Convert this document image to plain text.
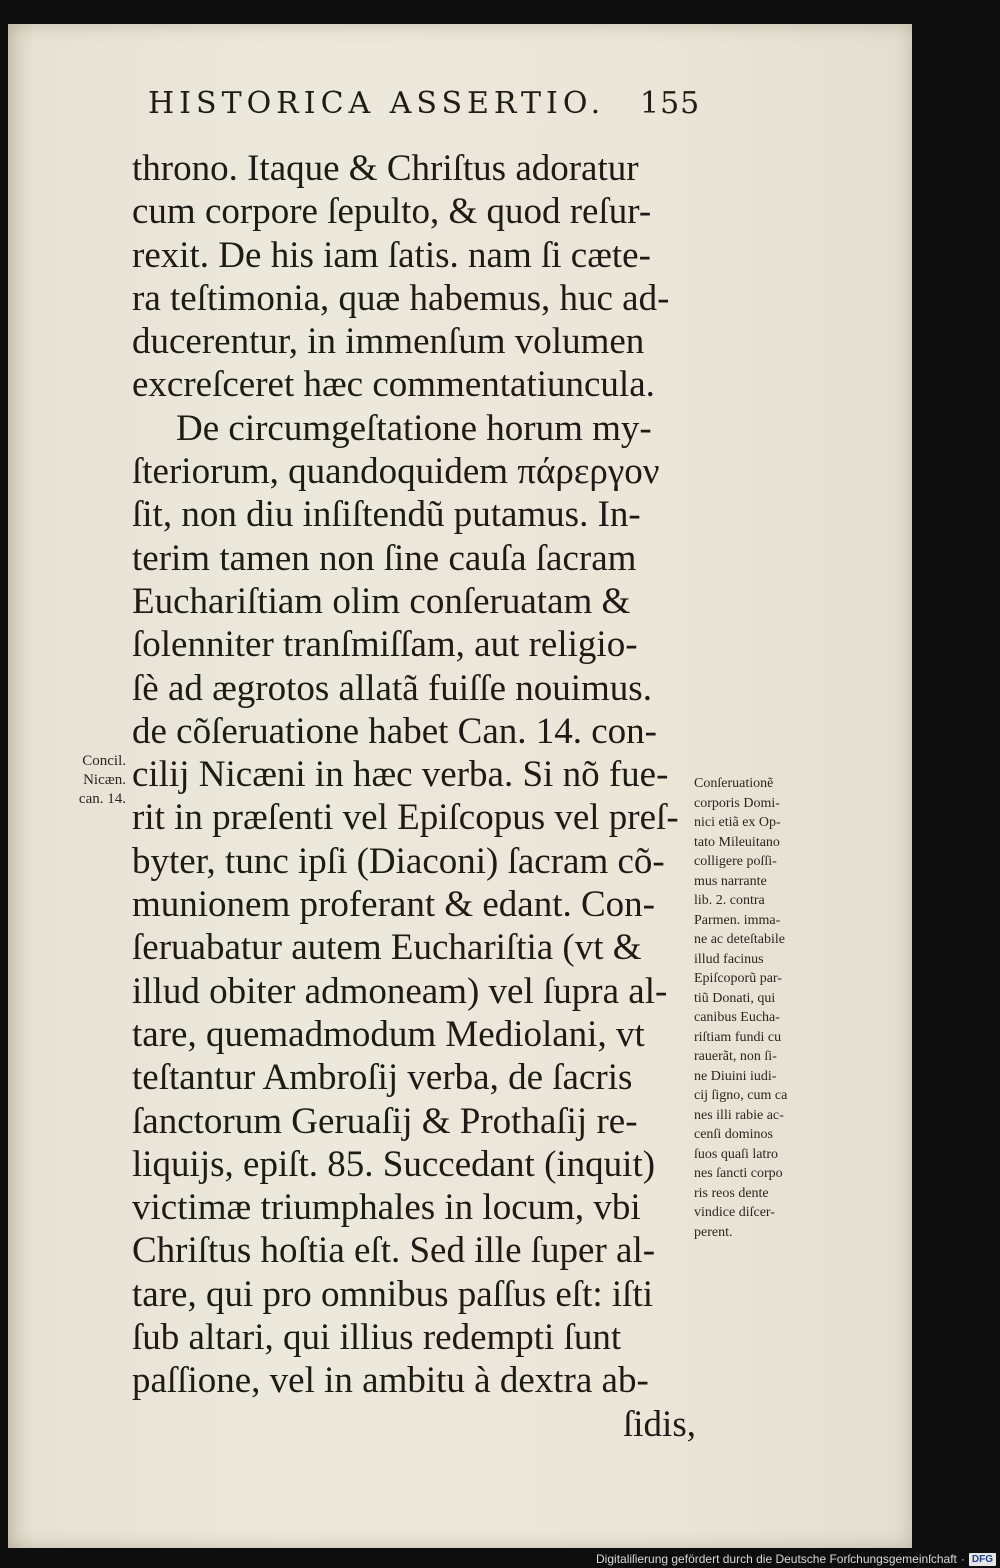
HISTORICA ASSERTIO. 155
throno. Itaque & Chriſtus adoratur
cum corpore ſepulto, & quod reſur-
rexit. De his iam ſatis. nam ſi cæte-
ra teſtimonia, quæ habemus, huc ad-
ducerentur, in immenſum volumen
excreſceret hæc commentatiuncula.
De circumgeſtatione horum my-
ſteriorum, quandoquidem πάρεργον
ſit, non diu inſiſtendũ putamus. In-
terim tamen non ſine cauſa ſacram
Euchariſtiam olim conſeruatam &
ſolenniter tranſmiſſam, aut religio-
ſè ad ægrotos allatã fuiſſe nouimus.
de cõſeruatione habet Can. 14. con-
cilij Nicæni in hæc verba. Si nõ fue-
rit in præſenti vel Epiſcopus vel preſ-
byter, tunc ipſi (Diaconi) ſacram cõ-
munionem proferant & edant. Con-
ſeruabatur autem Euchariſtia (vt &
illud obiter admoneam) vel ſupra al-
tare, quemadmodum Mediolani, vt
teſtantur Ambroſij verba, de ſacris
ſanctorum Geruaſij & Prothaſij re-
liquijs, epiſt. 85. Succedant (inquit)
victimæ triumphales in locum, vbi
Chriſtus hoſtia eſt. Sed ille ſuper al-
tare, qui pro omnibus paſſus eſt: iſti
ſub altari, qui illius redempti ſunt
paſſione, vel in ambitu à dextra ab-
ſidis,
Concil.
Nicæn.
can. 14.
Conſeruationẽ
corporis Domi-
nici etiã ex Op-
tato Mileuitano
colligere poſſi-
mus narrante
lib. 2. contra
Parmen. imma-
ne ac deteſtabile
illud facinus
Epiſcoporũ par-
tiũ Donati, qui
canibus Eucha-
riſtiam fundi cu
rauerãt, non ſi-
ne Diuini iudi-
cij ſigno, cum ca
nes illi rabie ac-
cenſi dominos
ſuos quaſi latro
nes ſancti corpo
ris reos dente
vindice diſcer-
perent.
Digitaliſierung gefördert durch die Deutsche Forſchungsgemeinſchaft · DFG
